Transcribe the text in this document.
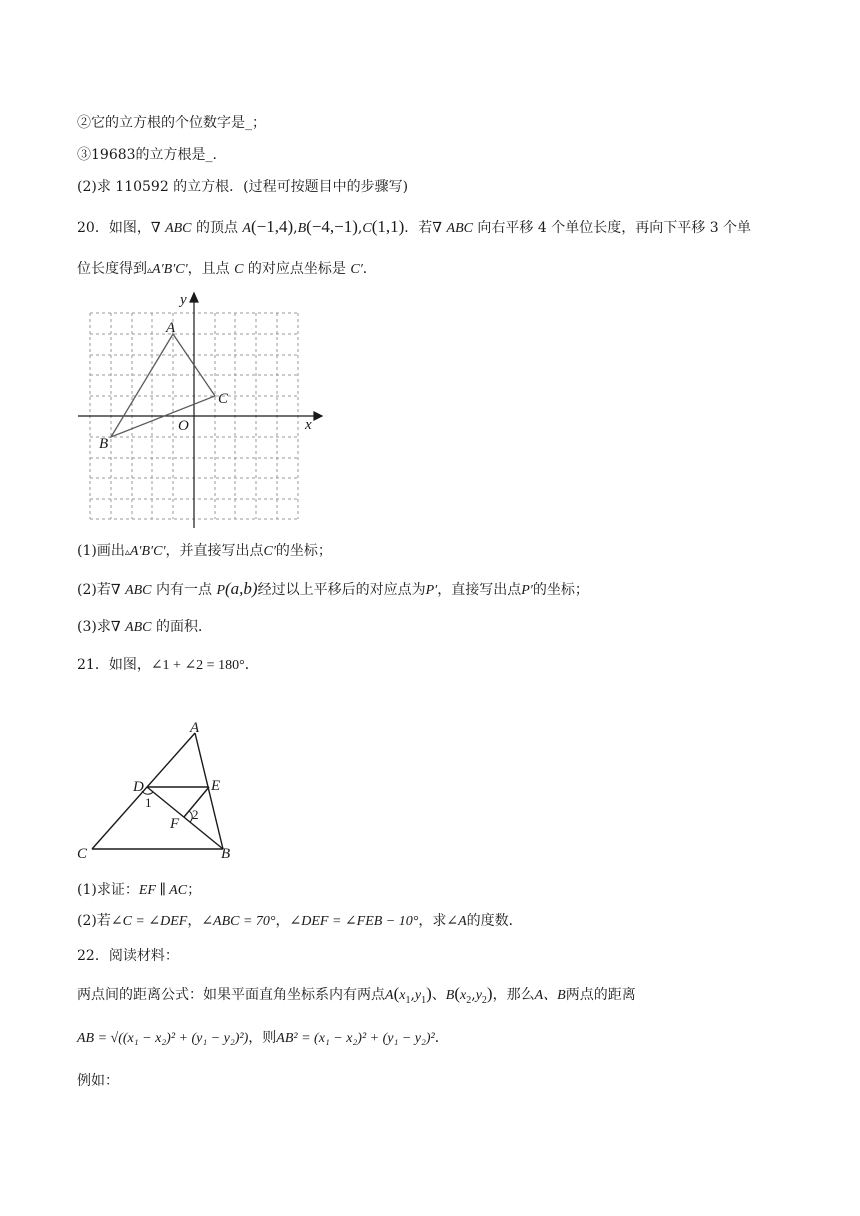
②它的立方根的个位数字是_；
③19683的立方根是_.
(2)求 110592 的立方根．(过程可按题目中的步骤写)
20．如图，∇ ABC 的顶点 A(−1,4),B(−4,−1),C(1,1)．若∇ ABC 向右平移 4 个单位长度，再向下平移 3 个单
位长度得到▵A′B′C′，且点 C 的对应点坐标是 C′．
y
x
O
A
B
C
(1)画出▵A′B′C′，并直接写出点C′的坐标；
(2)若∇ ABC 内有一点 P(a,b)经过以上平移后的对应点为P′，直接写出点P′的坐标；
(3)求∇ ABC 的面积．
21．如图，∠1 + ∠2 = 180°．
A
D	E
F
C	B
1
2
(1)求证：EF ∥ AC；
(2)若∠C = ∠DEF，∠ABC = 70°，∠DEF = ∠FEB − 10°，求∠A的度数．
22．阅读材料：
两点间的距离公式：如果平面直角坐标系内有两点$A(x_1,y_1)$、$B(x_2,y_2)$，那么A、B两点的距离
AB = √((x₁ − x₂)² + (y₁ − y₂)²)，则AB² = (x₁ − x₂)² + (y₁ − y₂)²．
例如：
